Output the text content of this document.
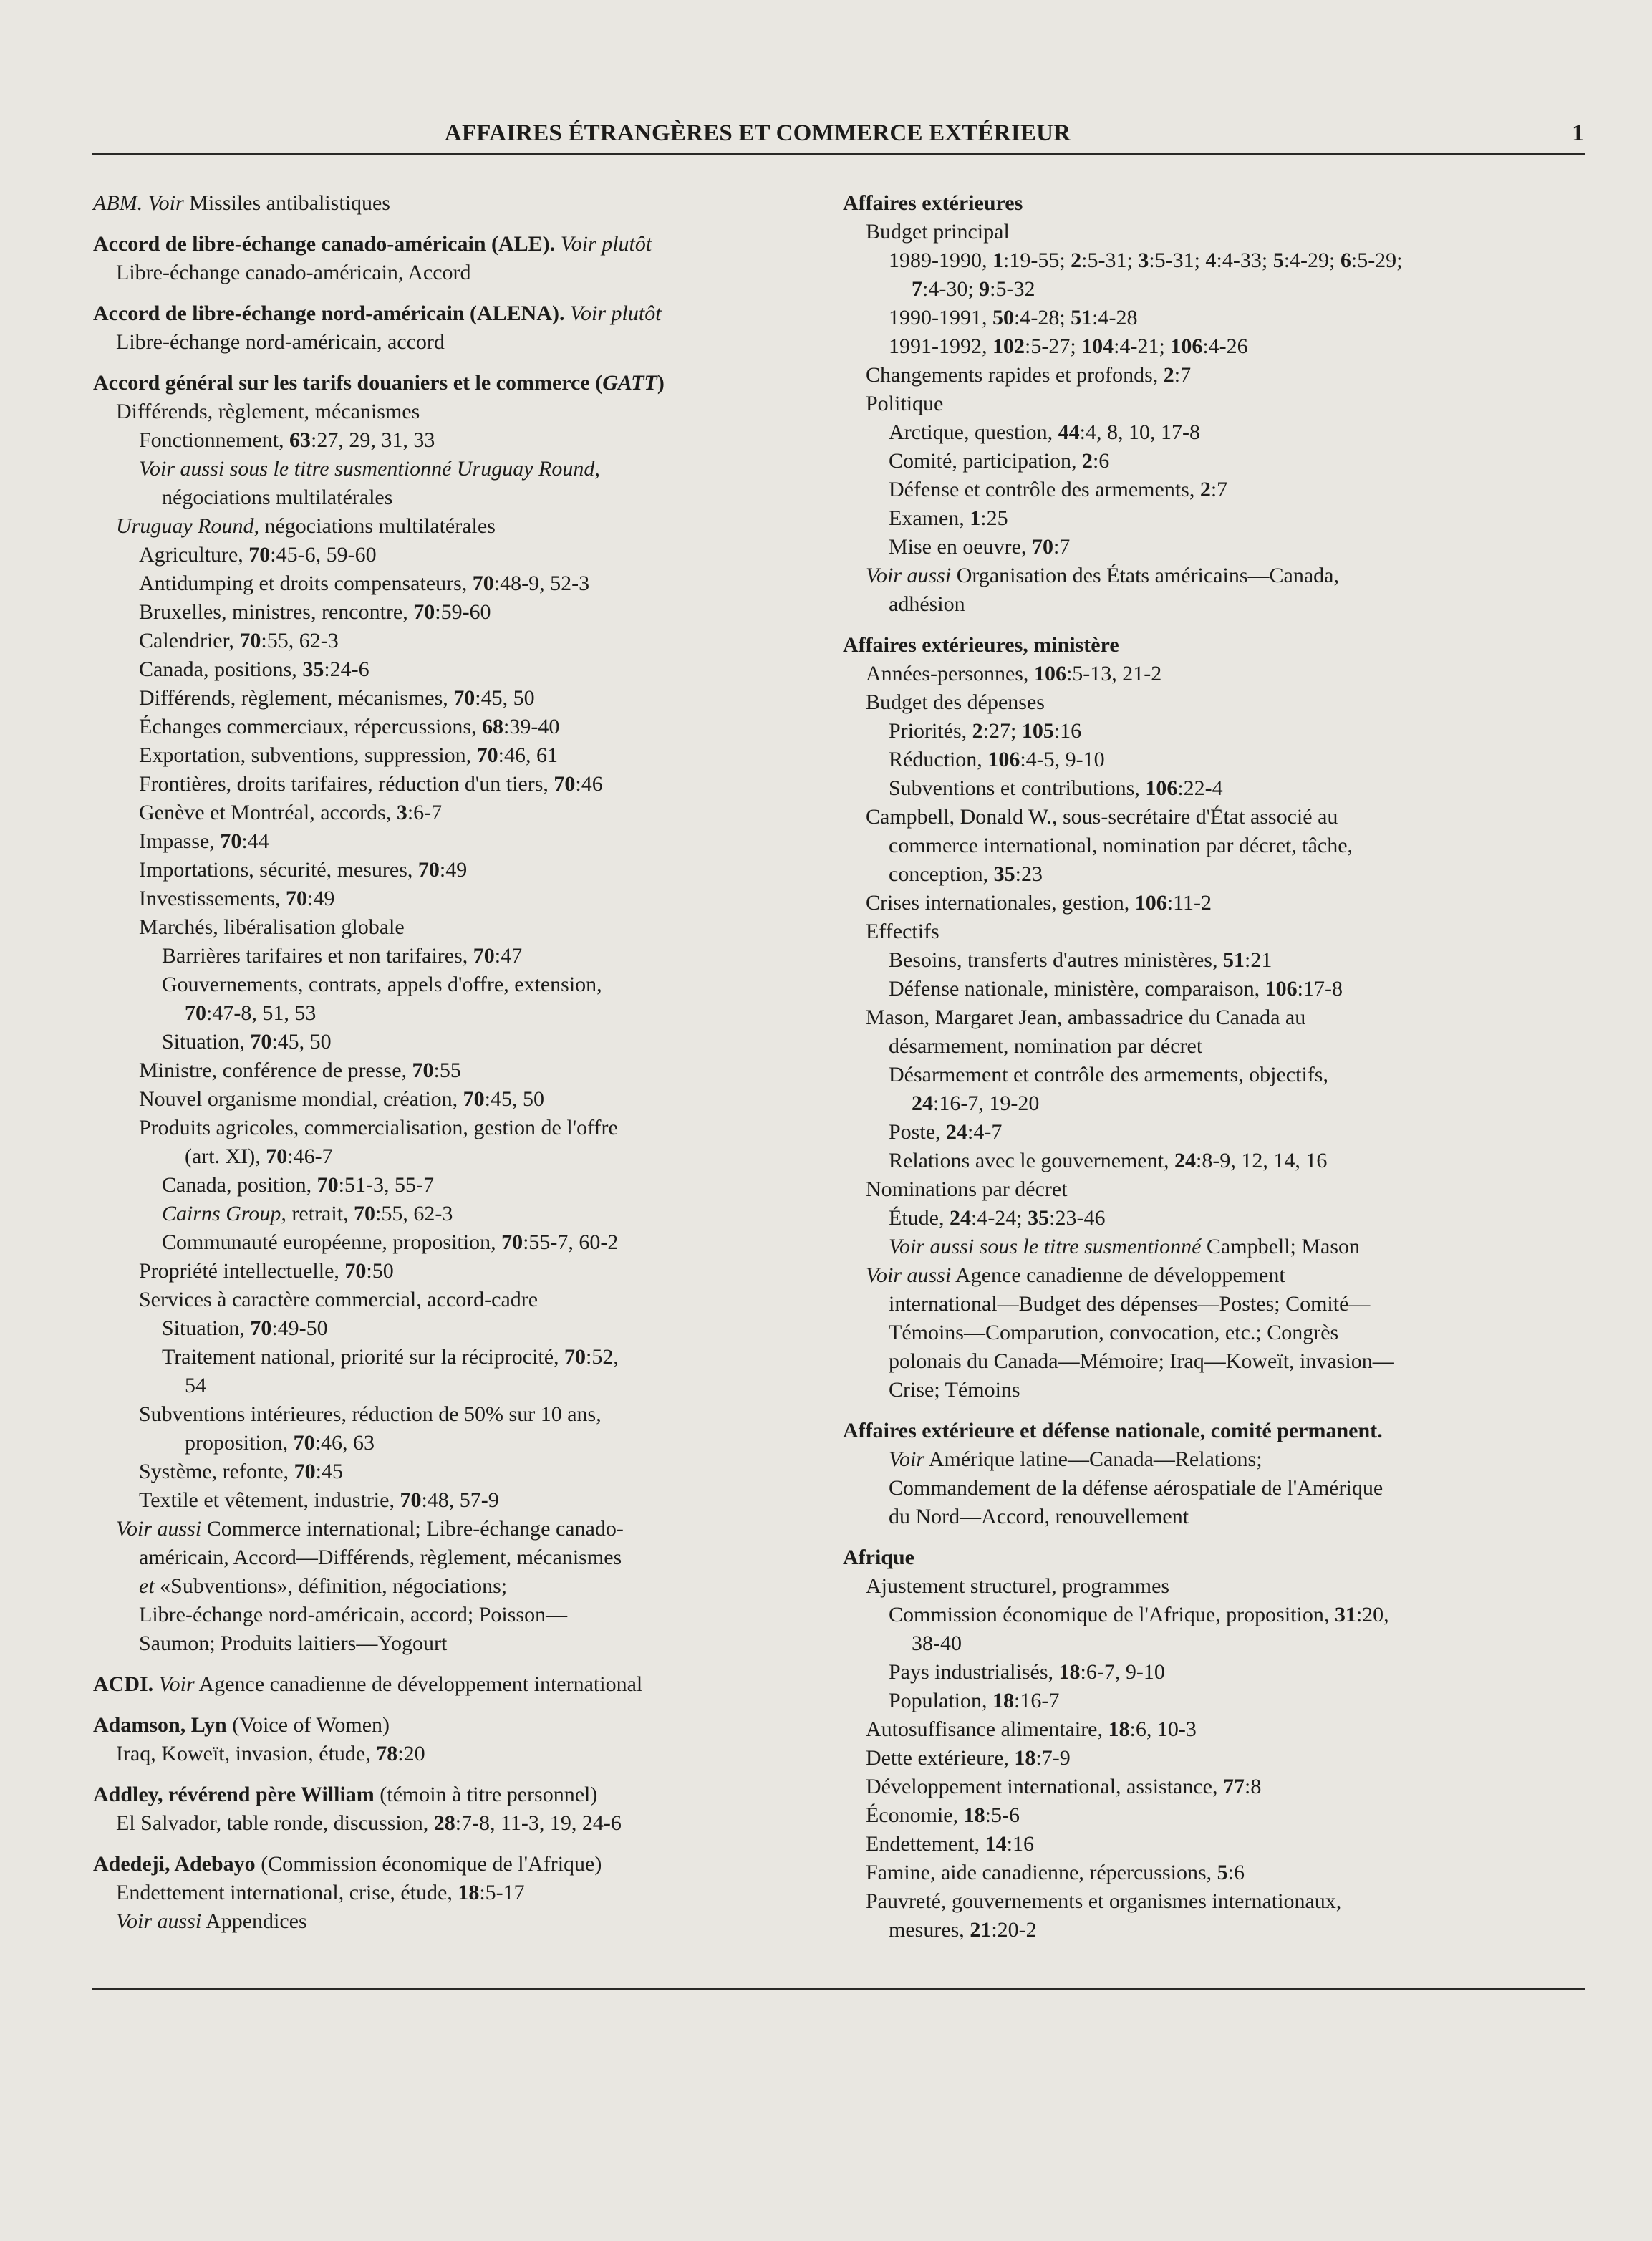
AFFAIRES ÉTRANGÈRES ET COMMERCE EXTÉRIEUR	1
ABM. Voir Missiles antibalistiques
Accord de libre-échange canado-américain (ALE). Voir plutôt
Libre-échange canado-américain, Accord
Accord de libre-échange nord-américain (ALENA). Voir plutôt
Libre-échange nord-américain, accord
Accord général sur les tarifs douaniers et le commerce (GATT)
Différends, règlement, mécanismes
Fonctionnement, 63:27, 29, 31, 33
Voir aussi sous le titre susmentionné Uruguay Round,
négociations multilatérales
Uruguay Round, négociations multilatérales
Agriculture, 70:45-6, 59-60
Antidumping et droits compensateurs, 70:48-9, 52-3
Bruxelles, ministres, rencontre, 70:59-60
Calendrier, 70:55, 62-3
Canada, positions, 35:24-6
Différends, règlement, mécanismes, 70:45, 50
Échanges commerciaux, répercussions, 68:39-40
Exportation, subventions, suppression, 70:46, 61
Frontières, droits tarifaires, réduction d'un tiers, 70:46
Genève et Montréal, accords, 3:6-7
Impasse, 70:44
Importations, sécurité, mesures, 70:49
Investissements, 70:49
Marchés, libéralisation globale
Barrières tarifaires et non tarifaires, 70:47
Gouvernements, contrats, appels d'offre, extension,
70:47-8, 51, 53
Situation, 70:45, 50
Ministre, conférence de presse, 70:55
Nouvel organisme mondial, création, 70:45, 50
Produits agricoles, commercialisation, gestion de l'offre
(art. XI), 70:46-7
Canada, position, 70:51-3, 55-7
Cairns Group, retrait, 70:55, 62-3
Communauté européenne, proposition, 70:55-7, 60-2
Propriété intellectuelle, 70:50
Services à caractère commercial, accord-cadre
Situation, 70:49-50
Traitement national, priorité sur la réciprocité, 70:52,
54
Subventions intérieures, réduction de 50% sur 10 ans,
proposition, 70:46, 63
Système, refonte, 70:45
Textile et vêtement, industrie, 70:48, 57-9
Voir aussi Commerce international; Libre-échange canado-
américain, Accord—Différends, règlement, mécanismes
et «Subventions», définition, négociations;
Libre-échange nord-américain, accord; Poisson—
Saumon; Produits laitiers—Yogourt
ACDI. Voir Agence canadienne de développement international
Adamson, Lyn (Voice of Women)
Iraq, Koweït, invasion, étude, 78:20
Addley, révérend père William (témoin à titre personnel)
El Salvador, table ronde, discussion, 28:7-8, 11-3, 19, 24-6
Adedeji, Adebayo (Commission économique de l'Afrique)
Endettement international, crise, étude, 18:5-17
Voir aussi Appendices
Affaires extérieures
Budget principal
1989-1990, 1:19-55; 2:5-31; 3:5-31; 4:4-33; 5:4-29; 6:5-29;
7:4-30; 9:5-32
1990-1991, 50:4-28; 51:4-28
1991-1992, 102:5-27; 104:4-21; 106:4-26
Changements rapides et profonds, 2:7
Politique
Arctique, question, 44:4, 8, 10, 17-8
Comité, participation, 2:6
Défense et contrôle des armements, 2:7
Examen, 1:25
Mise en oeuvre, 70:7
Voir aussi Organisation des États américains—Canada,
adhésion
Affaires extérieures, ministère
Années-personnes, 106:5-13, 21-2
Budget des dépenses
Priorités, 2:27; 105:16
Réduction, 106:4-5, 9-10
Subventions et contributions, 106:22-4
Campbell, Donald W., sous-secrétaire d'État associé au
commerce international, nomination par décret, tâche,
conception, 35:23
Crises internationales, gestion, 106:11-2
Effectifs
Besoins, transferts d'autres ministères, 51:21
Défense nationale, ministère, comparaison, 106:17-8
Mason, Margaret Jean, ambassadrice du Canada au
désarmement, nomination par décret
Désarmement et contrôle des armements, objectifs,
24:16-7, 19-20
Poste, 24:4-7
Relations avec le gouvernement, 24:8-9, 12, 14, 16
Nominations par décret
Étude, 24:4-24; 35:23-46
Voir aussi sous le titre susmentionné Campbell; Mason
Voir aussi Agence canadienne de développement
international—Budget des dépenses—Postes; Comité—
Témoins—Comparution, convocation, etc.; Congrès
polonais du Canada—Mémoire; Iraq—Koweït, invasion—
Crise; Témoins
Affaires extérieure et défense nationale, comité permanent.
Voir Amérique latine—Canada—Relations;
Commandement de la défense aérospatiale de l'Amérique
du Nord—Accord, renouvellement
Afrique
Ajustement structurel, programmes
Commission économique de l'Afrique, proposition, 31:20,
38-40
Pays industrialisés, 18:6-7, 9-10
Population, 18:16-7
Autosuffisance alimentaire, 18:6, 10-3
Dette extérieure, 18:7-9
Développement international, assistance, 77:8
Économie, 18:5-6
Endettement, 14:16
Famine, aide canadienne, répercussions, 5:6
Pauvreté, gouvernements et organismes internationaux,
mesures, 21:20-2
